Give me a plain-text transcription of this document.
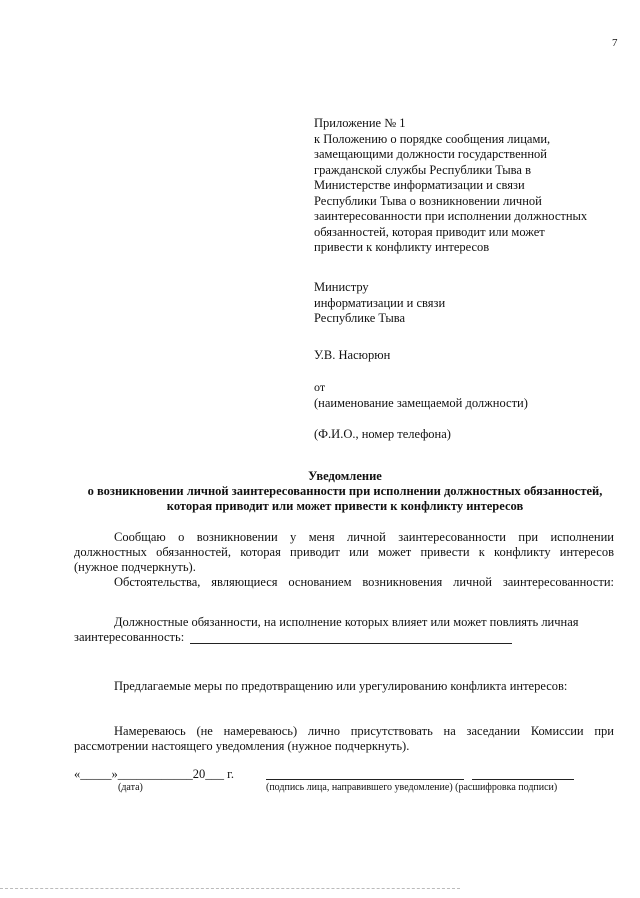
7
Приложение № 1
к Положению о порядке сообщения лицами,
замещающими должности государственной
гражданской службы Республики Тыва в
Министерстве информатизации и связи
Республики Тыва о возникновении личной
заинтересованности при исполнении должностных
обязанностей, которая приводит или может
привести к конфликту интересов
Министру
информатизации и связи
Республике Тыва
У.В. Насюрюн
от
(наименование замещаемой должности)
(Ф.И.О., номер телефона)
Уведомление
о возникновении личной заинтересованности при исполнении должностных обязанностей,
которая приводит или может привести к конфликту интересов
Сообщаю о возникновении у меня личной заинтересованности при исполнении
должностных обязанностей, которая приводит или может привести к конфликту интересов
(нужное подчеркнуть).
Обстоятельства, являющиеся основанием возникновения личной заинтересованности:
Должностные обязанности, на исполнение которых влияет или может повлиять личная
заинтересованность:
Предлагаемые меры по предотвращению или урегулированию конфликта интересов:
Намереваюсь (не намереваюсь) лично присутствовать на заседании Комиссии при
рассмотрении настоящего уведомления (нужное подчеркнуть).
«_____»____________20___ г.
(дата)	(подпись лица, направившего уведомление) (расшифровка подписи)
